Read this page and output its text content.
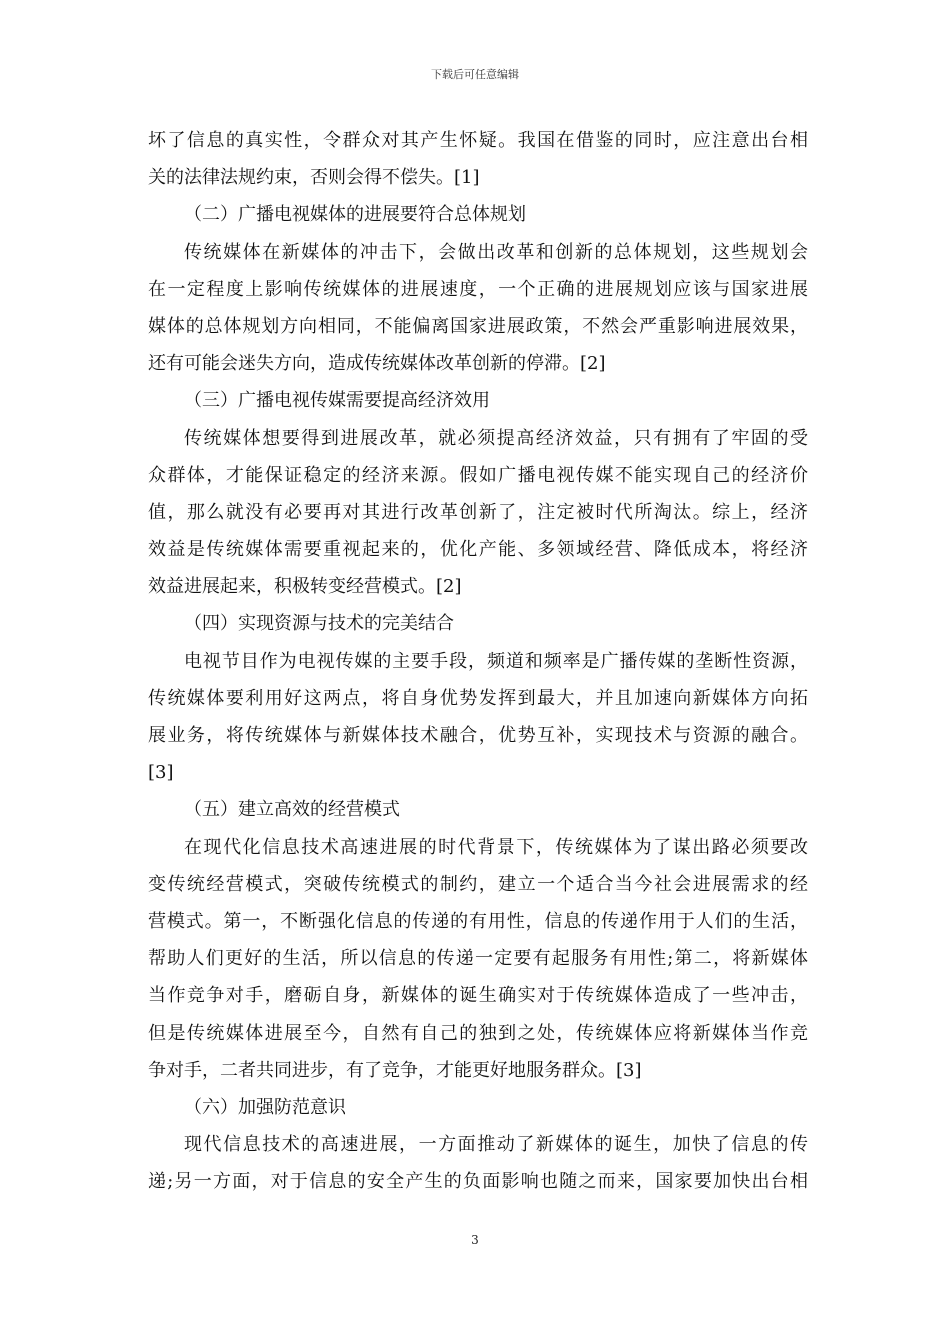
下载后可任意编辑
坏了信息的真实性，令群众对其产生怀疑。我国在借鉴的同时，应注意出台相
关的法律法规约束，否则会得不偿失。[1]
（二）广播电视媒体的进展要符合总体规划
传统媒体在新媒体的冲击下，会做出改革和创新的总体规划，这些规划会
在一定程度上影响传统媒体的进展速度，一个正确的进展规划应该与国家进展
媒体的总体规划方向相同，不能偏离国家进展政策，不然会严重影响进展效果，
还有可能会迷失方向，造成传统媒体改革创新的停滞。[2]
（三）广播电视传媒需要提高经济效用
传统媒体想要得到进展改革，就必须提高经济效益，只有拥有了牢固的受
众群体，才能保证稳定的经济来源。假如广播电视传媒不能实现自己的经济价
值，那么就没有必要再对其进行改革创新了，注定被时代所淘汰。综上，经济
效益是传统媒体需要重视起来的，优化产能、多领域经营、降低成本，将经济
效益进展起来，积极转变经营模式。[2]
（四）实现资源与技术的完美结合
电视节目作为电视传媒的主要手段，频道和频率是广播传媒的垄断性资源，
传统媒体要利用好这两点，将自身优势发挥到最大，并且加速向新媒体方向拓
展业务，将传统媒体与新媒体技术融合，优势互补，实现技术与资源的融合。
[3]
（五）建立高效的经营模式
在现代化信息技术高速进展的时代背景下，传统媒体为了谋出路必须要改
变传统经营模式，突破传统模式的制约，建立一个适合当今社会进展需求的经
营模式。第一，不断强化信息的传递的有用性，信息的传递作用于人们的生活，
帮助人们更好的生活，所以信息的传递一定要有起服务有用性;第二，将新媒体
当作竞争对手，磨砺自身，新媒体的诞生确实对于传统媒体造成了一些冲击，
但是传统媒体进展至今，自然有自己的独到之处，传统媒体应将新媒体当作竞
争对手，二者共同进步，有了竞争，才能更好地服务群众。[3]
（六）加强防范意识
现代信息技术的高速进展，一方面推动了新媒体的诞生，加快了信息的传
递;另一方面，对于信息的安全产生的负面影响也随之而来，国家要加快出台相
3
